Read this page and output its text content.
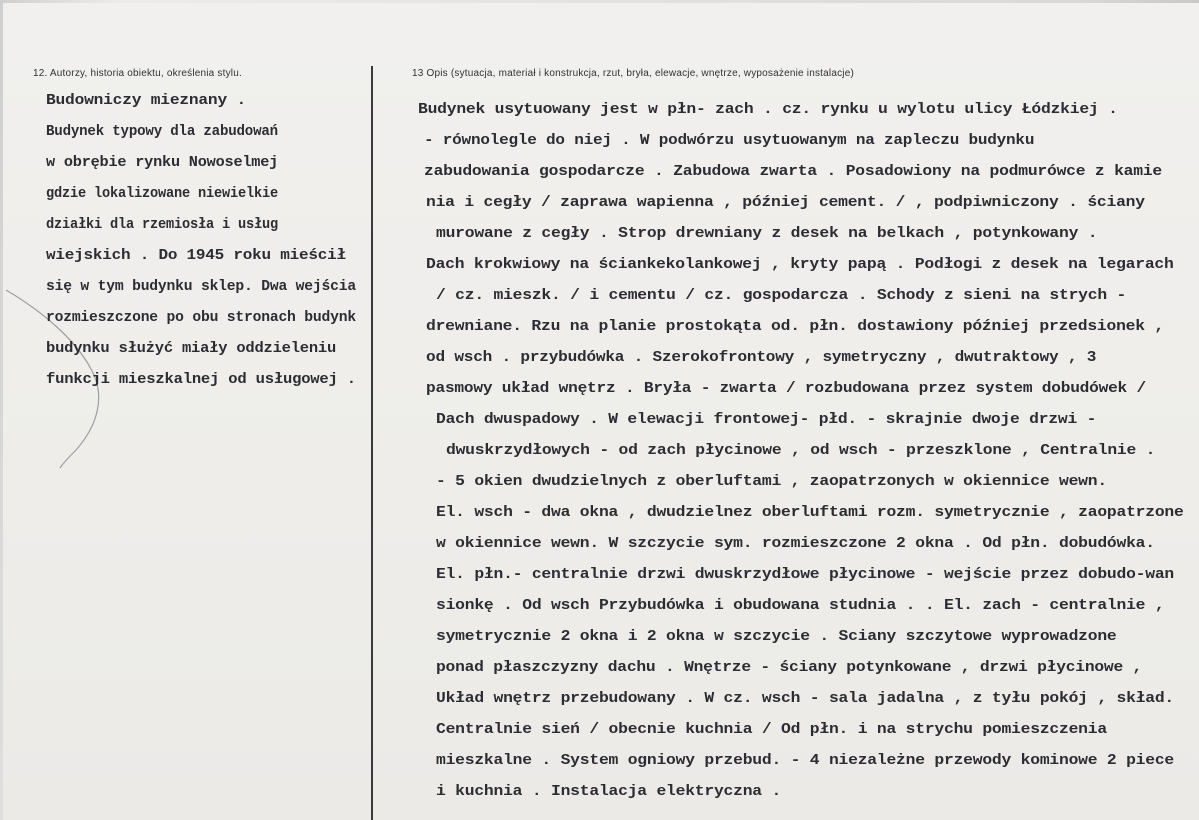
12. Autorzy, historia obiektu, określenia stylu.	13 Opis (sytuacja, materiał i konstrukcja, rzut, bryła, elewacje, wnętrze, wyposażenie instalacje)
Budowniczy mieznany .
Budynek typowy dla zabudowań
w obrębie rynku Nowoselmej
gdzie lokalizowane niewielkie
działki dla rzemiosła i usług
wiejskich . Do 1945 roku mieścił
się w tym budynku sklep. Dwa wejścia
rozmieszczone po obu stronach budynk
budynku służyć miały oddzieleniu
funkcji mieszkalnej od usługowej .
Budynek usytuowany jest w płn- zach . cz. rynku u wylotu ulicy Łódzkiej .
- równolegle do niej . W podwórzu usytuowanym na zapleczu budynku
zabudowania gospodarcze . Zabudowa zwarta . Posadowiony na podmurówce z kamie
nia i cegły / zaprawa wapienna , później cement. / , podpiwniczony . ściany
murowane z cegły . Strop drewniany z desek na belkach , potynkowany .
Dach krokwiowy na ściankekolankowej , kryty papą . Podłogi z desek na legarach
/ cz. mieszk. / i cementu / cz. gospodarcza . Schody z sieni na strych -
drewniane. Rzu na planie prostokąta od. płn. dostawiony później przedsionek ,
od wsch . przybudówka . Szerokofrontowy , symetryczny , dwutraktowy , 3
pasmowy układ wnętrz . Bryła - zwarta / rozbudowana przez system dobudówek /
Dach dwuspadowy . W elewacji frontowej- płd. - skrajnie dwoje drzwi -
dwuskrzydłowych - od zach płycinowe , od wsch - przeszklone , Centralnie .
- 5 okien dwudzielnych z oberluftami , zaopatrzonych w okiennice wewn.
El. wsch - dwa okna , dwudzielnez oberluftami rozm. symetrycznie , zaopatrzone
w okiennice wewn. W szczycie sym. rozmieszczone 2 okna . Od płn. dobudówka.
El. płn.- centralnie drzwi dwuskrzydłowe płycinowe - wejście przez dobudo-wan
sionkę . Od wsch Przybudówka i obudowana studnia . . El. zach - centralnie ,
symetrycznie 2 okna i 2 okna w szczycie . Sciany szczytowe wyprowadzone
ponad płaszczyzny dachu . Wnętrze - ściany potynkowane , drzwi płycinowe ,
Układ wnętrz przebudowany . W cz. wsch - sala jadalna , z tyłu pokój , skład.
Centralnie sień / obecnie kuchnia / Od płn. i na strychu pomieszczenia
mieszkalne . System ogniowy przebud. - 4 niezależne przewody kominowe 2 piece
i kuchnia . Instalacja elektryczna .
